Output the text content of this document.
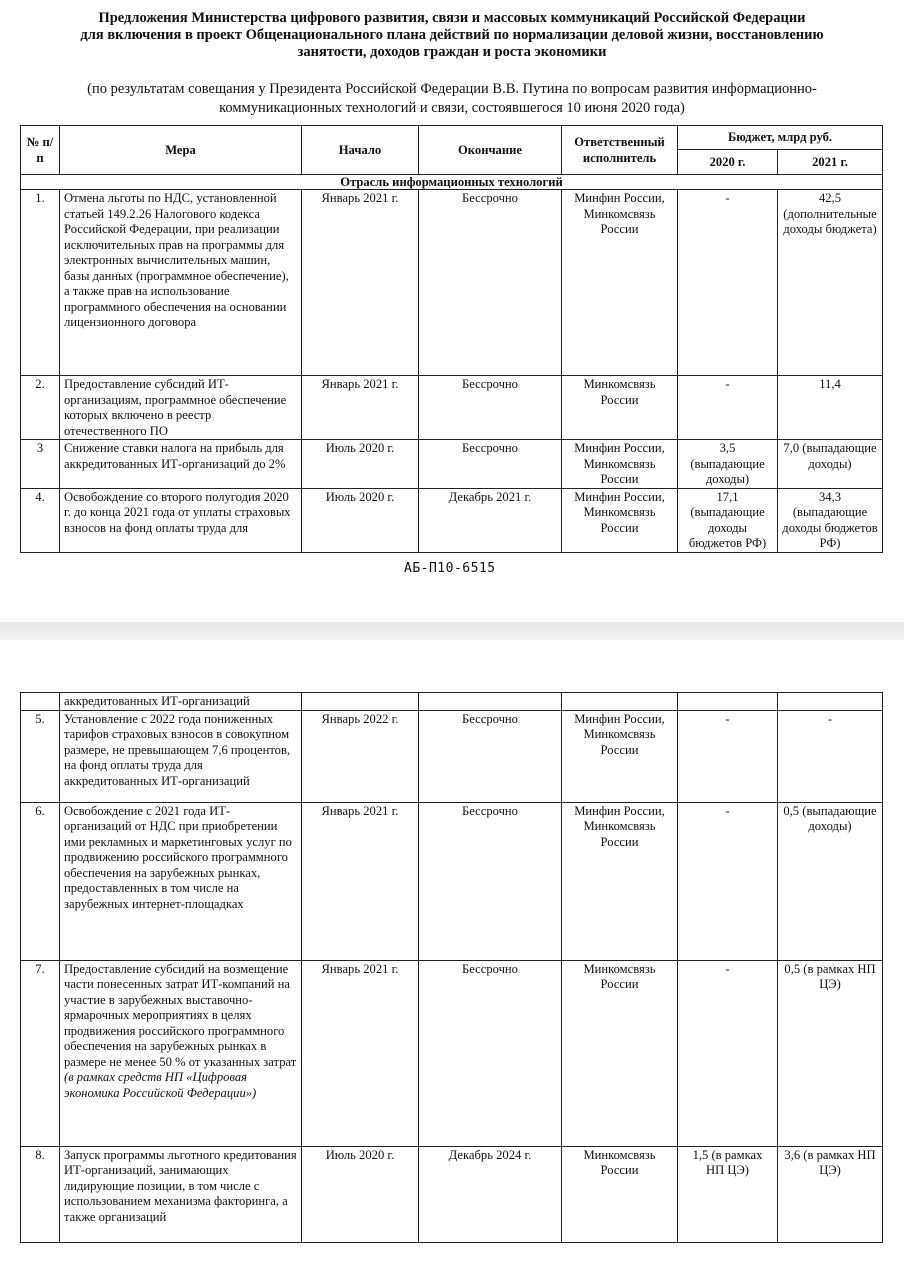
Предложения Министерства цифрового развития, связи и массовых коммуникаций Российской Федерации
для включения в проект Общенационального плана действий по нормализации деловой жизни, восстановлению
занятости, доходов граждан и роста экономики
(по результатам совещания у Президента Российской Федерации В.В. Путина по вопросам развития информационно-
коммуникационных технологий и связи, состоявшегося 10 июня 2020 года)
№ п/п	Мера	Начало	Окончание	Ответственный исполнитель	Бюджет, млрд руб.	
					2020 г.	2021 г.
Отрасль информационных технологий						
1.	Отмена льготы по НДС, установленной статьей 149.2.26 Налогового кодекса Российской Федерации, при реализации исключительных прав на программы для электронных вычислительных машин, базы данных (программное обеспечение), а также прав на использование программного обеспечения на основании лицензионного договора	Январь 2021 г.	Бессрочно	Минфин России, Минкомсвязь России	-	42,5 (дополнительные доходы бюджета)
2.	Предоставление субсидий ИТ-организациям, программное обеспечение которых включено в реестр отечественного ПО	Январь 2021 г.	Бессрочно	Минкомсвязь России	-	11,4
3	Снижение ставки налога на прибыль для аккредитованных ИТ-организаций до 2%	Июль 2020 г.	Бессрочно	Минфин России, Минкомсвязь России	3,5 (выпадающие доходы)	7,0 (выпадающие доходы)
4.	Освобождение со второго полугодия 2020 г. до конца 2021 года от уплаты страховых взносов на фонд оплаты труда для	Июль 2020 г.	Декабрь 2021 г.	Минфин России, Минкомсвязь России	17,1 (выпадающие доходы бюджетов РФ)	34,3 (выпадающие доходы бюджетов РФ)
АБ-П10-6515
	аккредитованных ИТ-организаций					
5.	Установление с 2022 года пониженных тарифов страховых взносов в совокупном размере, не превышающем 7,6 процентов, на фонд оплаты труда для аккредитованных ИТ-организаций	Январь 2022 г.	Бессрочно	Минфин России, Минкомсвязь России	-	-
6.	Освобождение с 2021 года ИТ-организаций от НДС при приобретении ими рекламных и маркетинговых услуг по продвижению российского программного обеспечения на зарубежных рынках, предоставленных в том числе на зарубежных интернет-площадках	Январь 2021 г.	Бессрочно	Минфин России, Минкомсвязь России	-	0,5 (выпадающие доходы)
7.	Предоставление субсидий на возмещение части понесенных затрат ИТ-компаний на участие в зарубежных выставочно-ярмарочных мероприятиях в целях продвижения российского программного обеспечения на зарубежных рынках в размере не менее 50 % от указанных затрат (в рамках средств НП «Цифровая экономика Российской Федерации»)	Январь 2021 г.	Бессрочно	Минкомсвязь России	-	0,5 (в рамках НП ЦЭ)
8.	Запуск программы льготного кредитования ИТ-организаций, занимающих лидирующие позиции, в том числе с использованием механизма факторинга, а также организаций	Июль 2020 г.	Декабрь 2024 г.	Минкомсвязь России	1,5 (в рамках НП ЦЭ)	3,6 (в рамках НП ЦЭ)
